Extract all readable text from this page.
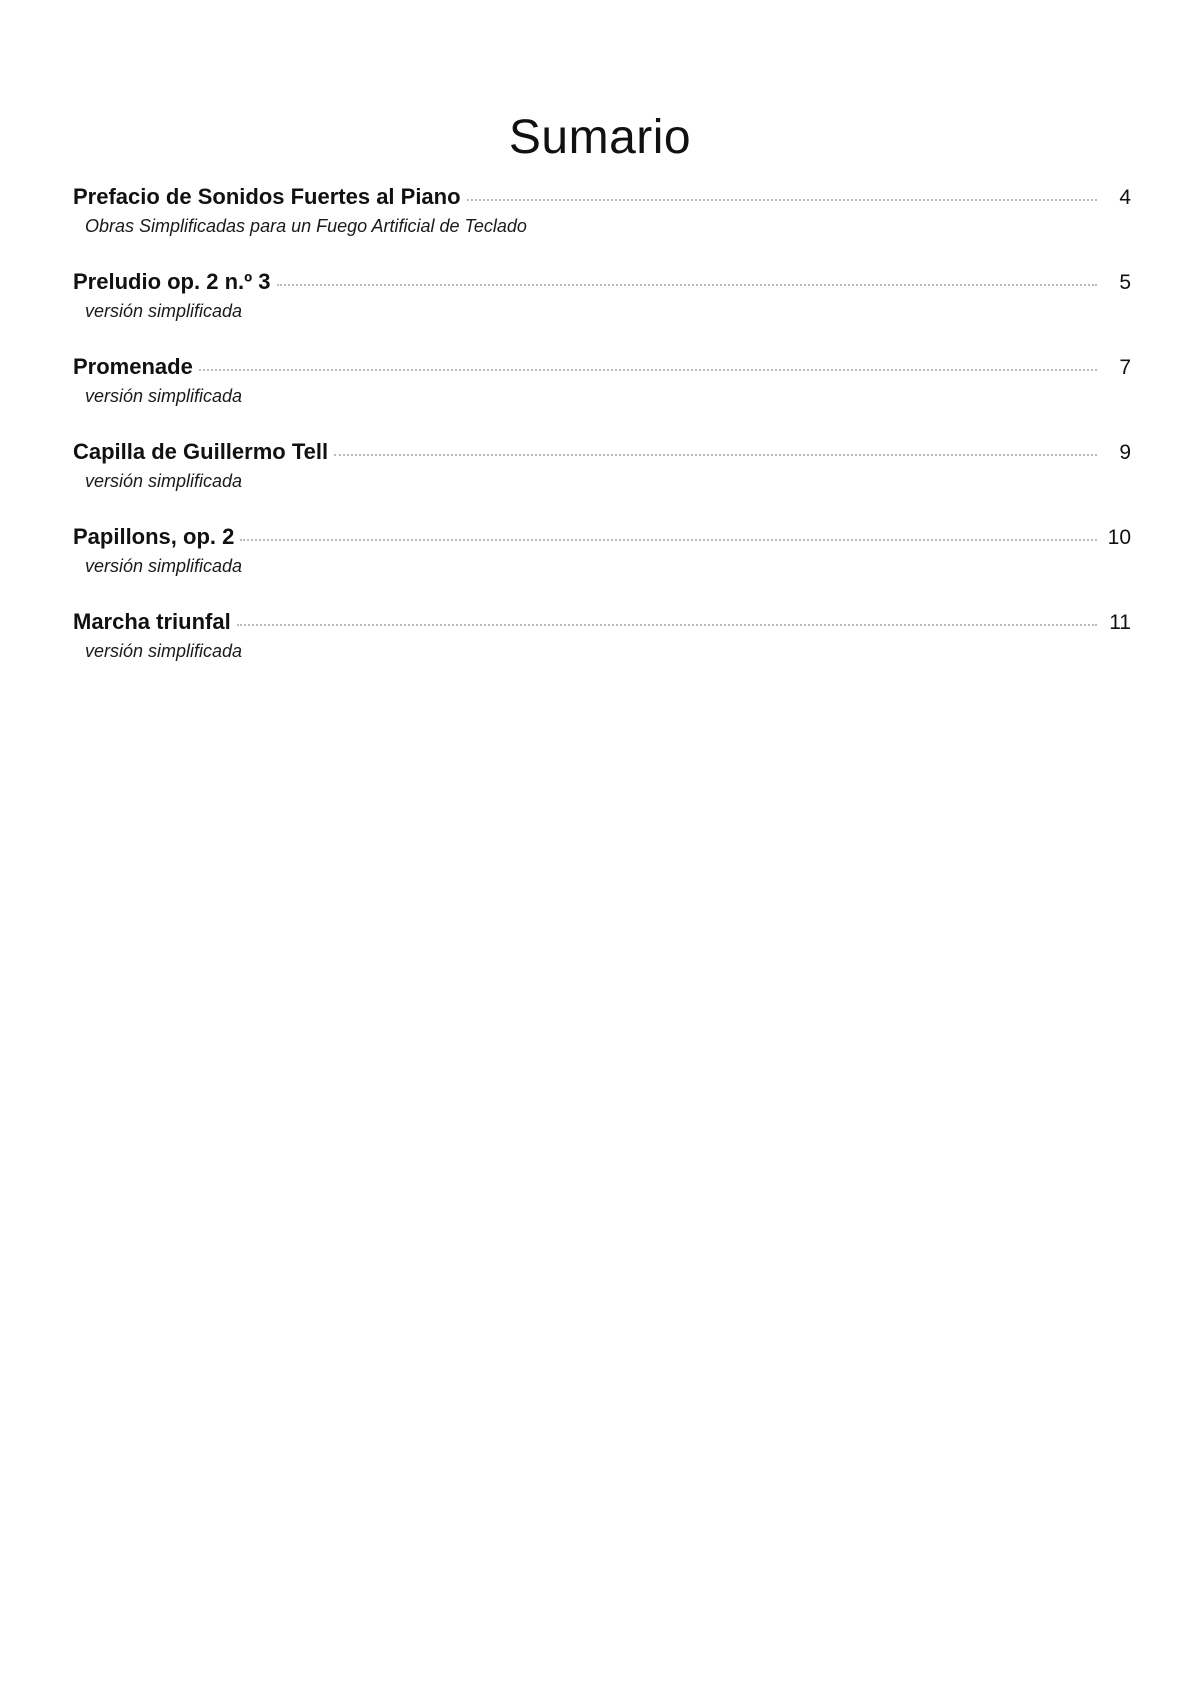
Sumario
Prefacio de Sonidos Fuertes al Piano	4
Obras Simplificadas para un Fuego Artificial de Teclado
Preludio op. 2 n.º 3	5
versión simplificada
Promenade	7
versión simplificada
Capilla de Guillermo Tell	9
versión simplificada
Papillons, op. 2	10
versión simplificada
Marcha triunfal	11
versión simplificada
